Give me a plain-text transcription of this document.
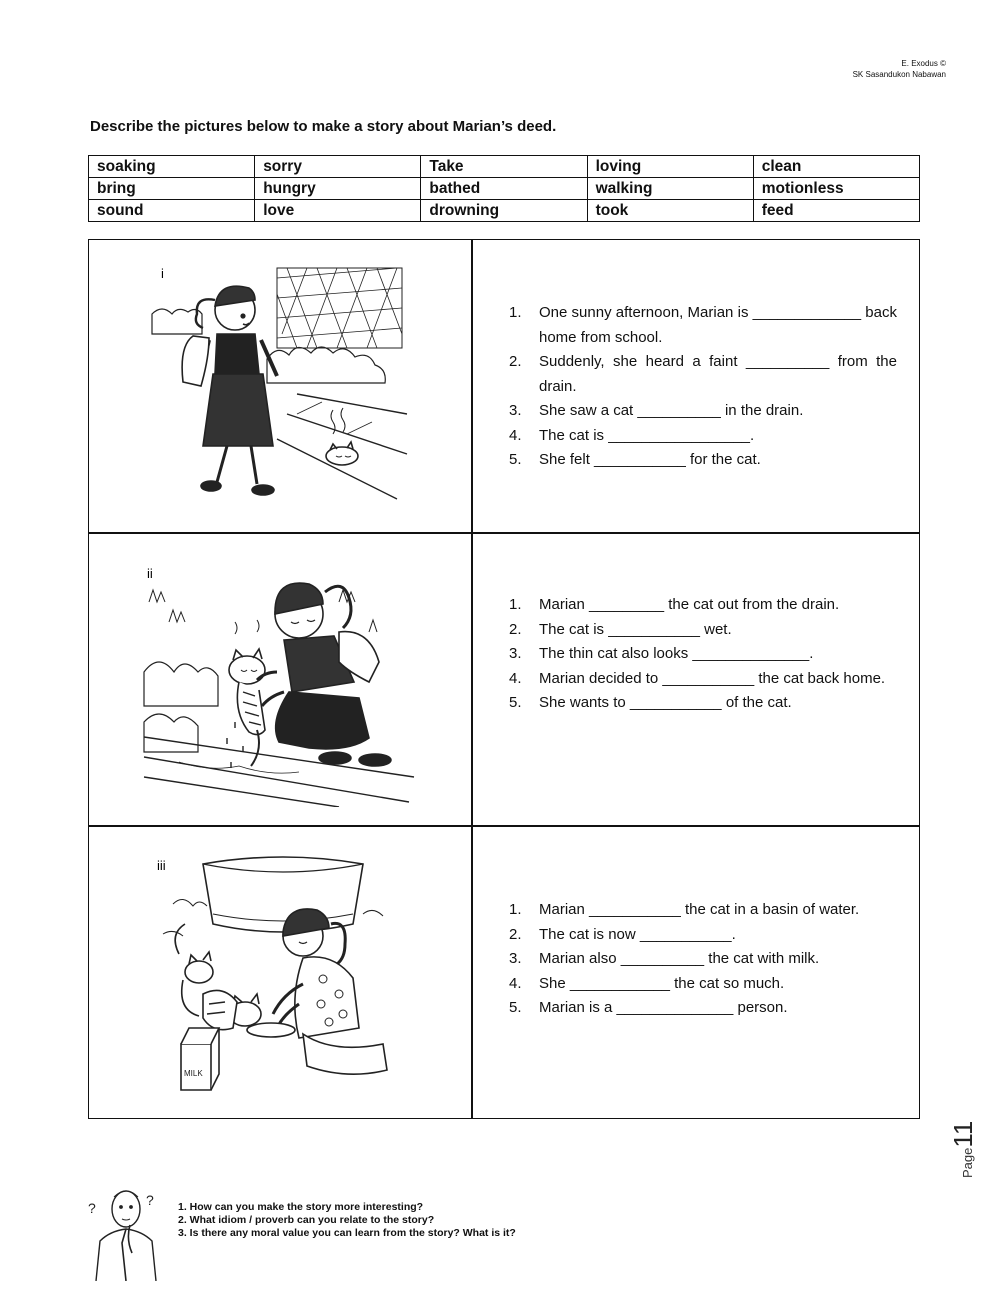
E. Exodus ©
SK Sasandukon Nabawan
Describe the pictures below to make a story about Marian’s deed.
soaking	sorry	Take	loving	clean
bring	hungry	bathed	walking	motionless
sound	love	drowning	took	feed
i
1. One sunny afternoon, Marian is _____________ back home from school.
2. Suddenly, she heard a faint __________ from the drain.
3. She saw a cat __________ in the drain.
4. The cat is _________________.
5. She felt ___________ for the cat.
ii
1. Marian _________ the cat out from the drain.
2. The cat is ___________ wet.
3. The thin cat also looks ______________.
4. Marian decided to ___________ the cat back home.
5. She wants to ___________ of the cat.
iii
MILK
1. Marian ___________ the cat in a basin of water.
2. The cat is now ___________.
3. Marian also __________ the cat with milk.
4. She ____________ the cat so much.
5. Marian is a ______________ person.
Page11
?	? 1. How can you make the story more interesting?
2. What idiom / proverb can you relate to the story?
3. Is there any moral value you can learn from the story? What is it?
